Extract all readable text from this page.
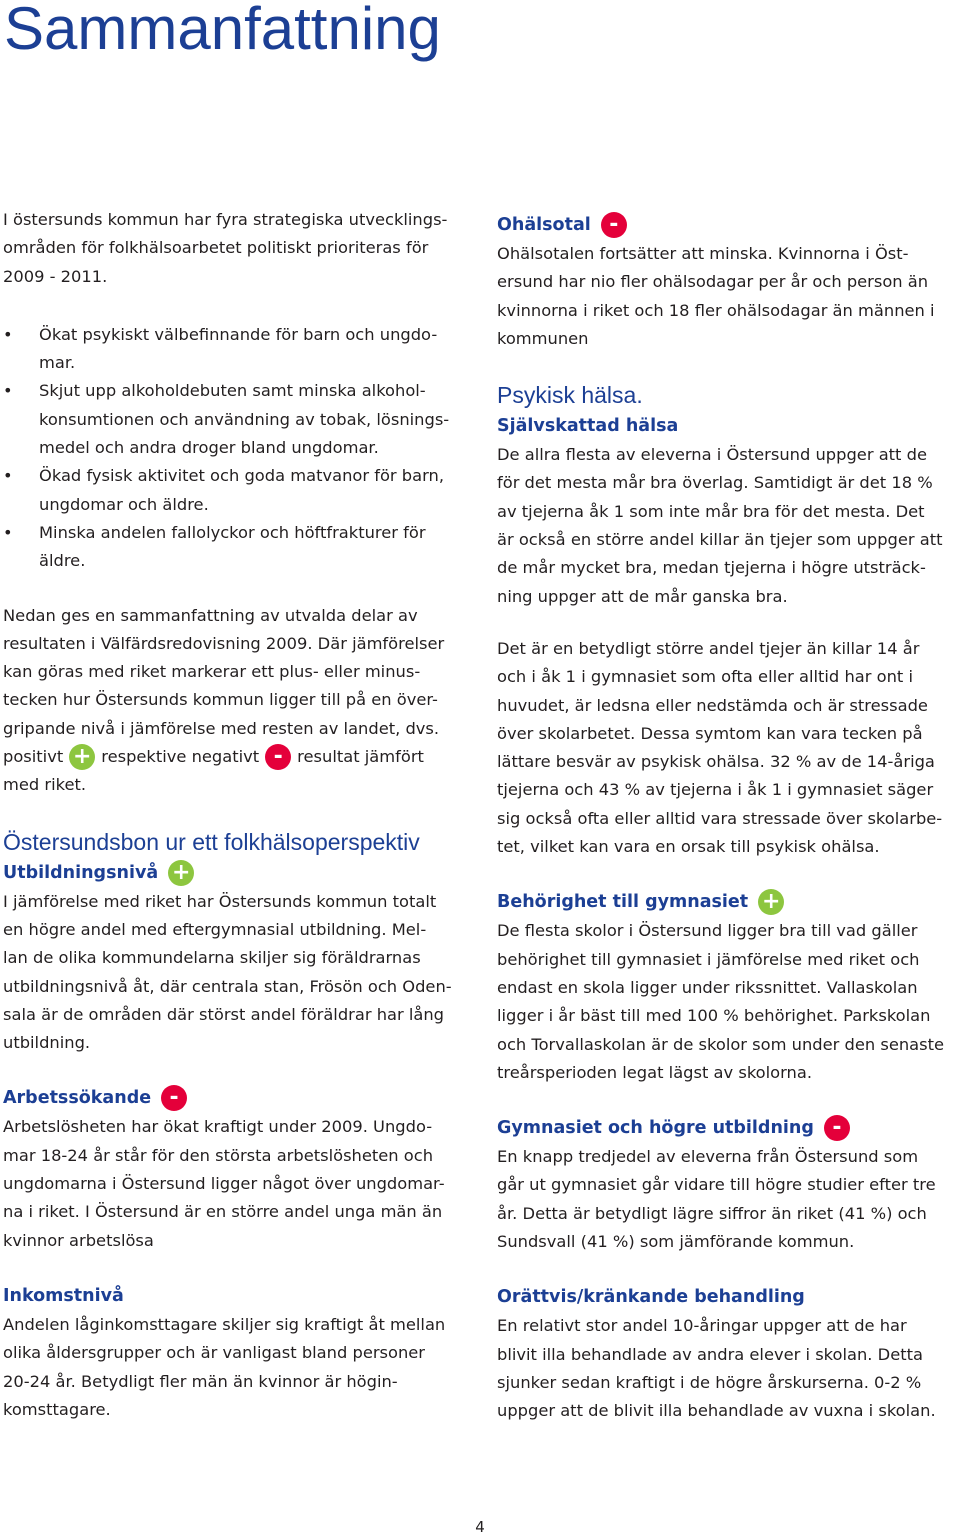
Sammanfattning

I östersunds kommun har fyra strategiska utvecklings-
områden för folkhälsoarbetet politiskt prioriteras för
2009 - 2011.

• Ökat psykiskt välbefinnande för barn och ungdo-
mar.
• Skjut upp alkoholdebuten samt minska alkohol-
konsumtionen och användning av tobak, lösnings-
medel och andra droger bland ungdomar.
• Ökad fysisk aktivitet och goda matvanor för barn,
ungdomar och äldre.
• Minska andelen fallolyckor och höftfrakturer för
äldre.

Nedan ges en sammanfattning av utvalda delar av
resultaten i Välfärdsredovisning 2009. Där jämförelser
kan göras med riket markerar ett plus- eller minus-
tecken hur Östersunds kommun ligger till på en över-
gripande nivå i jämförelse med resten av landet, dvs.
positivt + respektive negativt - resultat jämfört
med riket.

Östersundsbon ur ett folkhälsoperspektiv
Utbildningsnivå +

I jämförelse med riket har Östersunds kommun totalt
en högre andel med eftergymnasial utbildning. Mel-
lan de olika kommundelarna skiljer sig föräldrarnas
utbildningsnivå åt, där centrala stan, Frösön och Oden-
sala är de områden där störst andel föräldrar har lång
utbildning.

Arbetssökande -

Arbetslösheten har ökat kraftigt under 2009. Ungdo-
mar 18-24 år står för den största arbetslösheten och
ungdomarna i Östersund ligger något över ungdomar-
na i riket. I Östersund är en större andel unga män än
kvinnor arbetslösa

Inkomstnivå

Andelen låginkomsttagare skiljer sig kraftigt åt mellan
olika åldersgrupper och är vanligast bland personer
20-24 år. Betydligt fler män än kvinnor är högin-
komsttagare.

Ohälsotal -

Ohälsotalen fortsätter att minska. Kvinnorna i Öst-
ersund har nio fler ohälsodagar per år och person än
kvinnorna i riket och 18 fler ohälsodagar än männen i
kommunen

Psykisk hälsa.
Självskattad hälsa

De allra flesta av eleverna i Östersund uppger att de
för det mesta mår bra överlag. Samtidigt är det 18 %
av tjejerna åk 1 som inte mår bra för det mesta. Det
är också en större andel killar än tjejer som uppger att
de mår mycket bra, medan tjejerna i högre utsträck-
ning uppger att de mår ganska bra.

Det är en betydligt större andel tjejer än killar 14 år
och i åk 1 i gymnasiet som ofta eller alltid har ont i
huvudet, är ledsna eller nedstämda och är stressade
över skolarbetet. Dessa symtom kan vara tecken på
lättare besvär av psykisk ohälsa. 32 % av de 14-åriga
tjejerna och 43 % av tjejerna i åk 1 i gymnasiet säger
sig också ofta eller alltid vara stressade över skolarbe-
tet, vilket kan vara en orsak till psykisk ohälsa.

Behörighet till gymnasiet +

De flesta skolor i Östersund ligger bra till vad gäller
behörighet till gymnasiet i jämförelse med riket och
endast en skola ligger under rikssnittet. Vallaskolan
ligger i år bäst till med 100 % behörighet. Parkskolan
och Torvallaskolan är de skolor som under den senaste
treårsperioden legat lägst av skolorna.

Gymnasiet och högre utbildning -

En knapp tredjedel av eleverna från Östersund som
går ut gymnasiet går vidare till högre studier efter tre
år. Detta är betydligt lägre siffror än riket (41 %) och
Sundsvall (41 %) som jämförande kommun.

Orättvis/kränkande behandling

En relativt stor andel 10-åringar uppger att de har
blivit illa behandlade av andra elever i skolan. Detta
sjunker sedan kraftigt i de högre årskurserna. 0-2 %
uppger att de blivit illa behandlade av vuxna i skolan.

4
